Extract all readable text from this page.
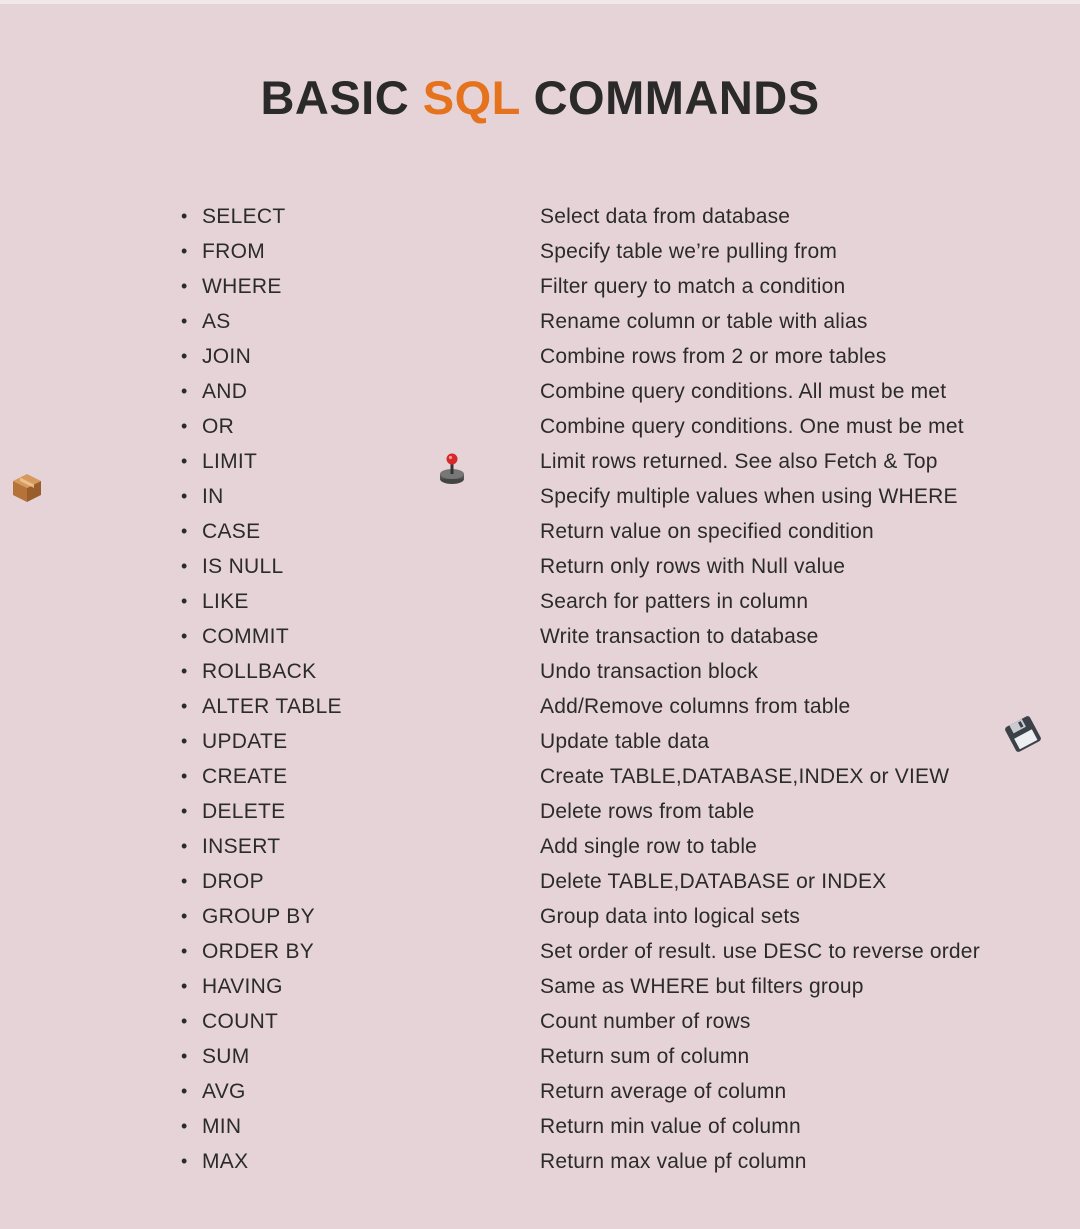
BASIC SQL COMMANDS
• SELECT	Select data from database
• FROM	Specify table we’re pulling from
• WHERE	Filter query to match a condition
• AS	Rename column or table with alias
• JOIN	Combine rows from 2 or more tables
• AND	Combine query conditions. All must be met
• OR	Combine query conditions. One must be met
• LIMIT	Limit rows returned. See also Fetch & Top
• IN	Specify multiple values when using WHERE
• CASE	Return value on specified condition
• IS NULL	Return only rows with Null value
• LIKE	Search for patters in column
• COMMIT	Write transaction to database
• ROLLBACK	Undo transaction block
• ALTER TABLE	Add/Remove columns from table
• UPDATE	Update table data
• CREATE	Create TABLE,DATABASE,INDEX or VIEW
• DELETE	Delete rows from table
• INSERT	Add single row to table
• DROP	Delete TABLE,DATABASE or INDEX
• GROUP BY	Group data into logical sets
• ORDER BY	Set order of result. use DESC to reverse order
• HAVING	Same as WHERE but filters group
• COUNT	Count number of rows
• SUM	Return sum of column
• AVG	Return average of column
• MIN	Return min value of column
• MAX	Return max value pf column
